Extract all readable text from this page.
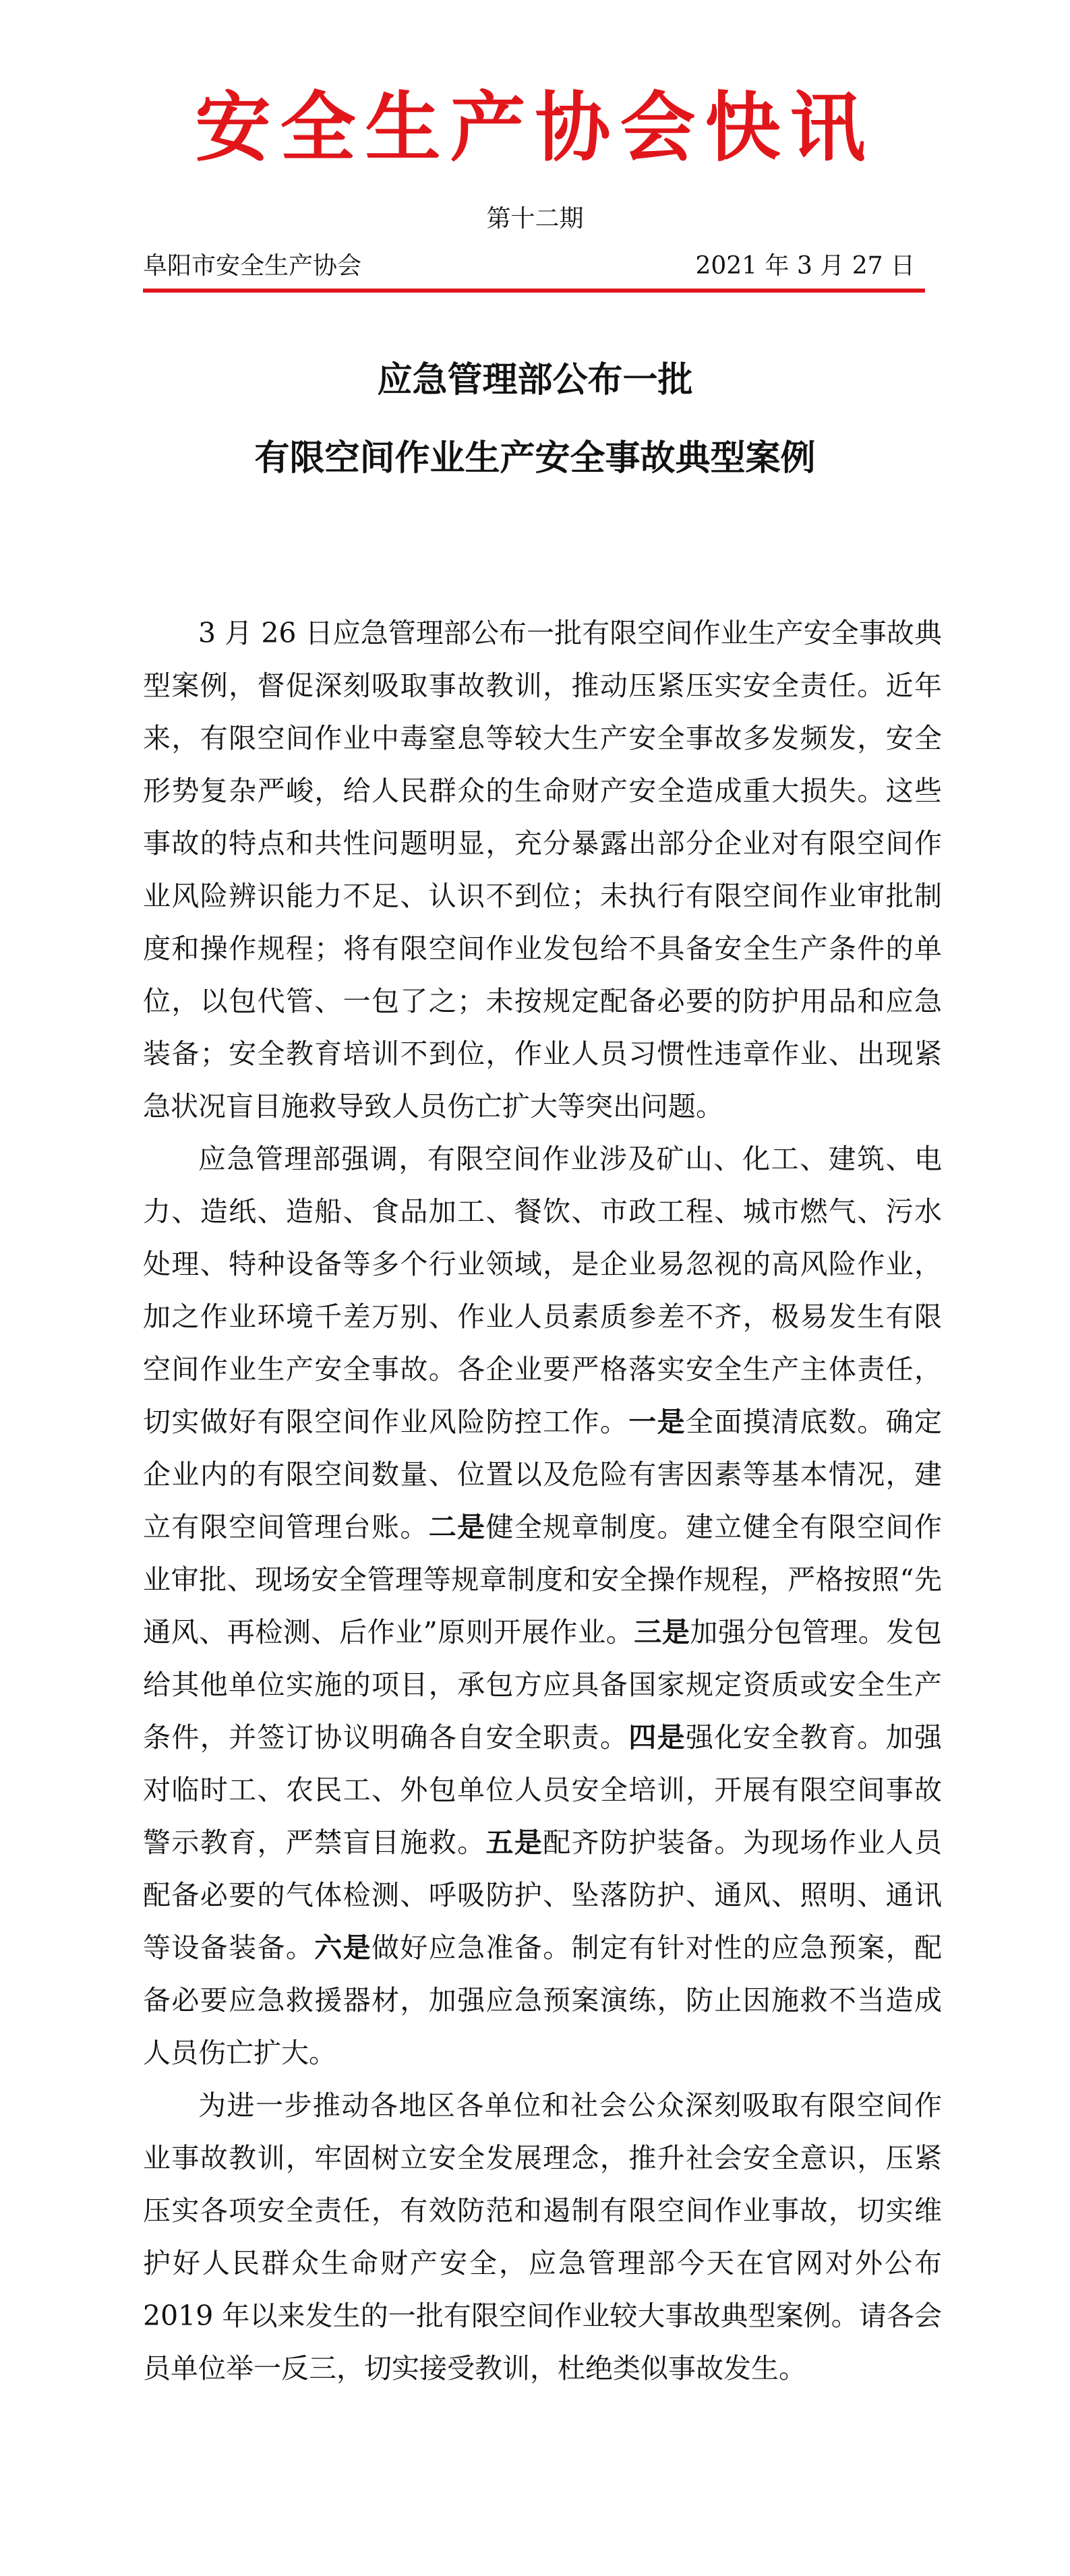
安全生产协会快讯
第十二期
阜阳市安全生产协会	2021 年 3 月 27 日
应急管理部公布一批
有限空间作业生产安全事故典型案例

3 月 26 日应急管理部公布一批有限空间作业生产安全事故典型案例，督促深刻吸取事故教训，推动压紧压实安全责任。近年来，有限空间作业中毒窒息等较大生产安全事故多发频发，安全形势复杂严峻，给人民群众的生命财产安全造成重大损失。这些事故的特点和共性问题明显，充分暴露出部分企业对有限空间作业风险辨识能力不足、认识不到位；未执行有限空间作业审批制度和操作规程；将有限空间作业发包给不具备安全生产条件的单位，以包代管、一包了之；未按规定配备必要的防护用品和应急装备；安全教育培训不到位，作业人员习惯性违章作业、出现紧急状况盲目施救导致人员伤亡扩大等突出问题。

应急管理部强调，有限空间作业涉及矿山、化工、建筑、电力、造纸、造船、食品加工、餐饮、市政工程、城市燃气、污水处理、特种设备等多个行业领域，是企业易忽视的高风险作业，加之作业环境千差万别、作业人员素质参差不齐，极易发生有限空间作业生产安全事故。各企业要严格落实安全生产主体责任，切实做好有限空间作业风险防控工作。一是全面摸清底数。确定企业内的有限空间数量、位置以及危险有害因素等基本情况，建立有限空间管理台账。二是健全规章制度。建立健全有限空间作业审批、现场安全管理等规章制度和安全操作规程，严格按照“先通风、再检测、后作业”原则开展作业。三是加强分包管理。发包给其他单位实施的项目，承包方应具备国家规定资质或安全生产条件，并签订协议明确各自安全职责。四是强化安全教育。加强对临时工、农民工、外包单位人员安全培训，开展有限空间事故警示教育，严禁盲目施救。五是配齐防护装备。为现场作业人员配备必要的气体检测、呼吸防护、坠落防护、通风、照明、通讯等设备装备。六是做好应急准备。制定有针对性的应急预案，配备必要应急救援器材，加强应急预案演练，防止因施救不当造成人员伤亡扩大。

为进一步推动各地区各单位和社会公众深刻吸取有限空间作业事故教训，牢固树立安全发展理念，推升社会安全意识，压紧压实各项安全责任，有效防范和遏制有限空间作业事故，切实维护好人民群众生命财产安全，应急管理部今天在官网对外公布 2019 年以来发生的一批有限空间作业较大事故典型案例。请各会员单位举一反三，切实接受教训，杜绝类似事故发生。
